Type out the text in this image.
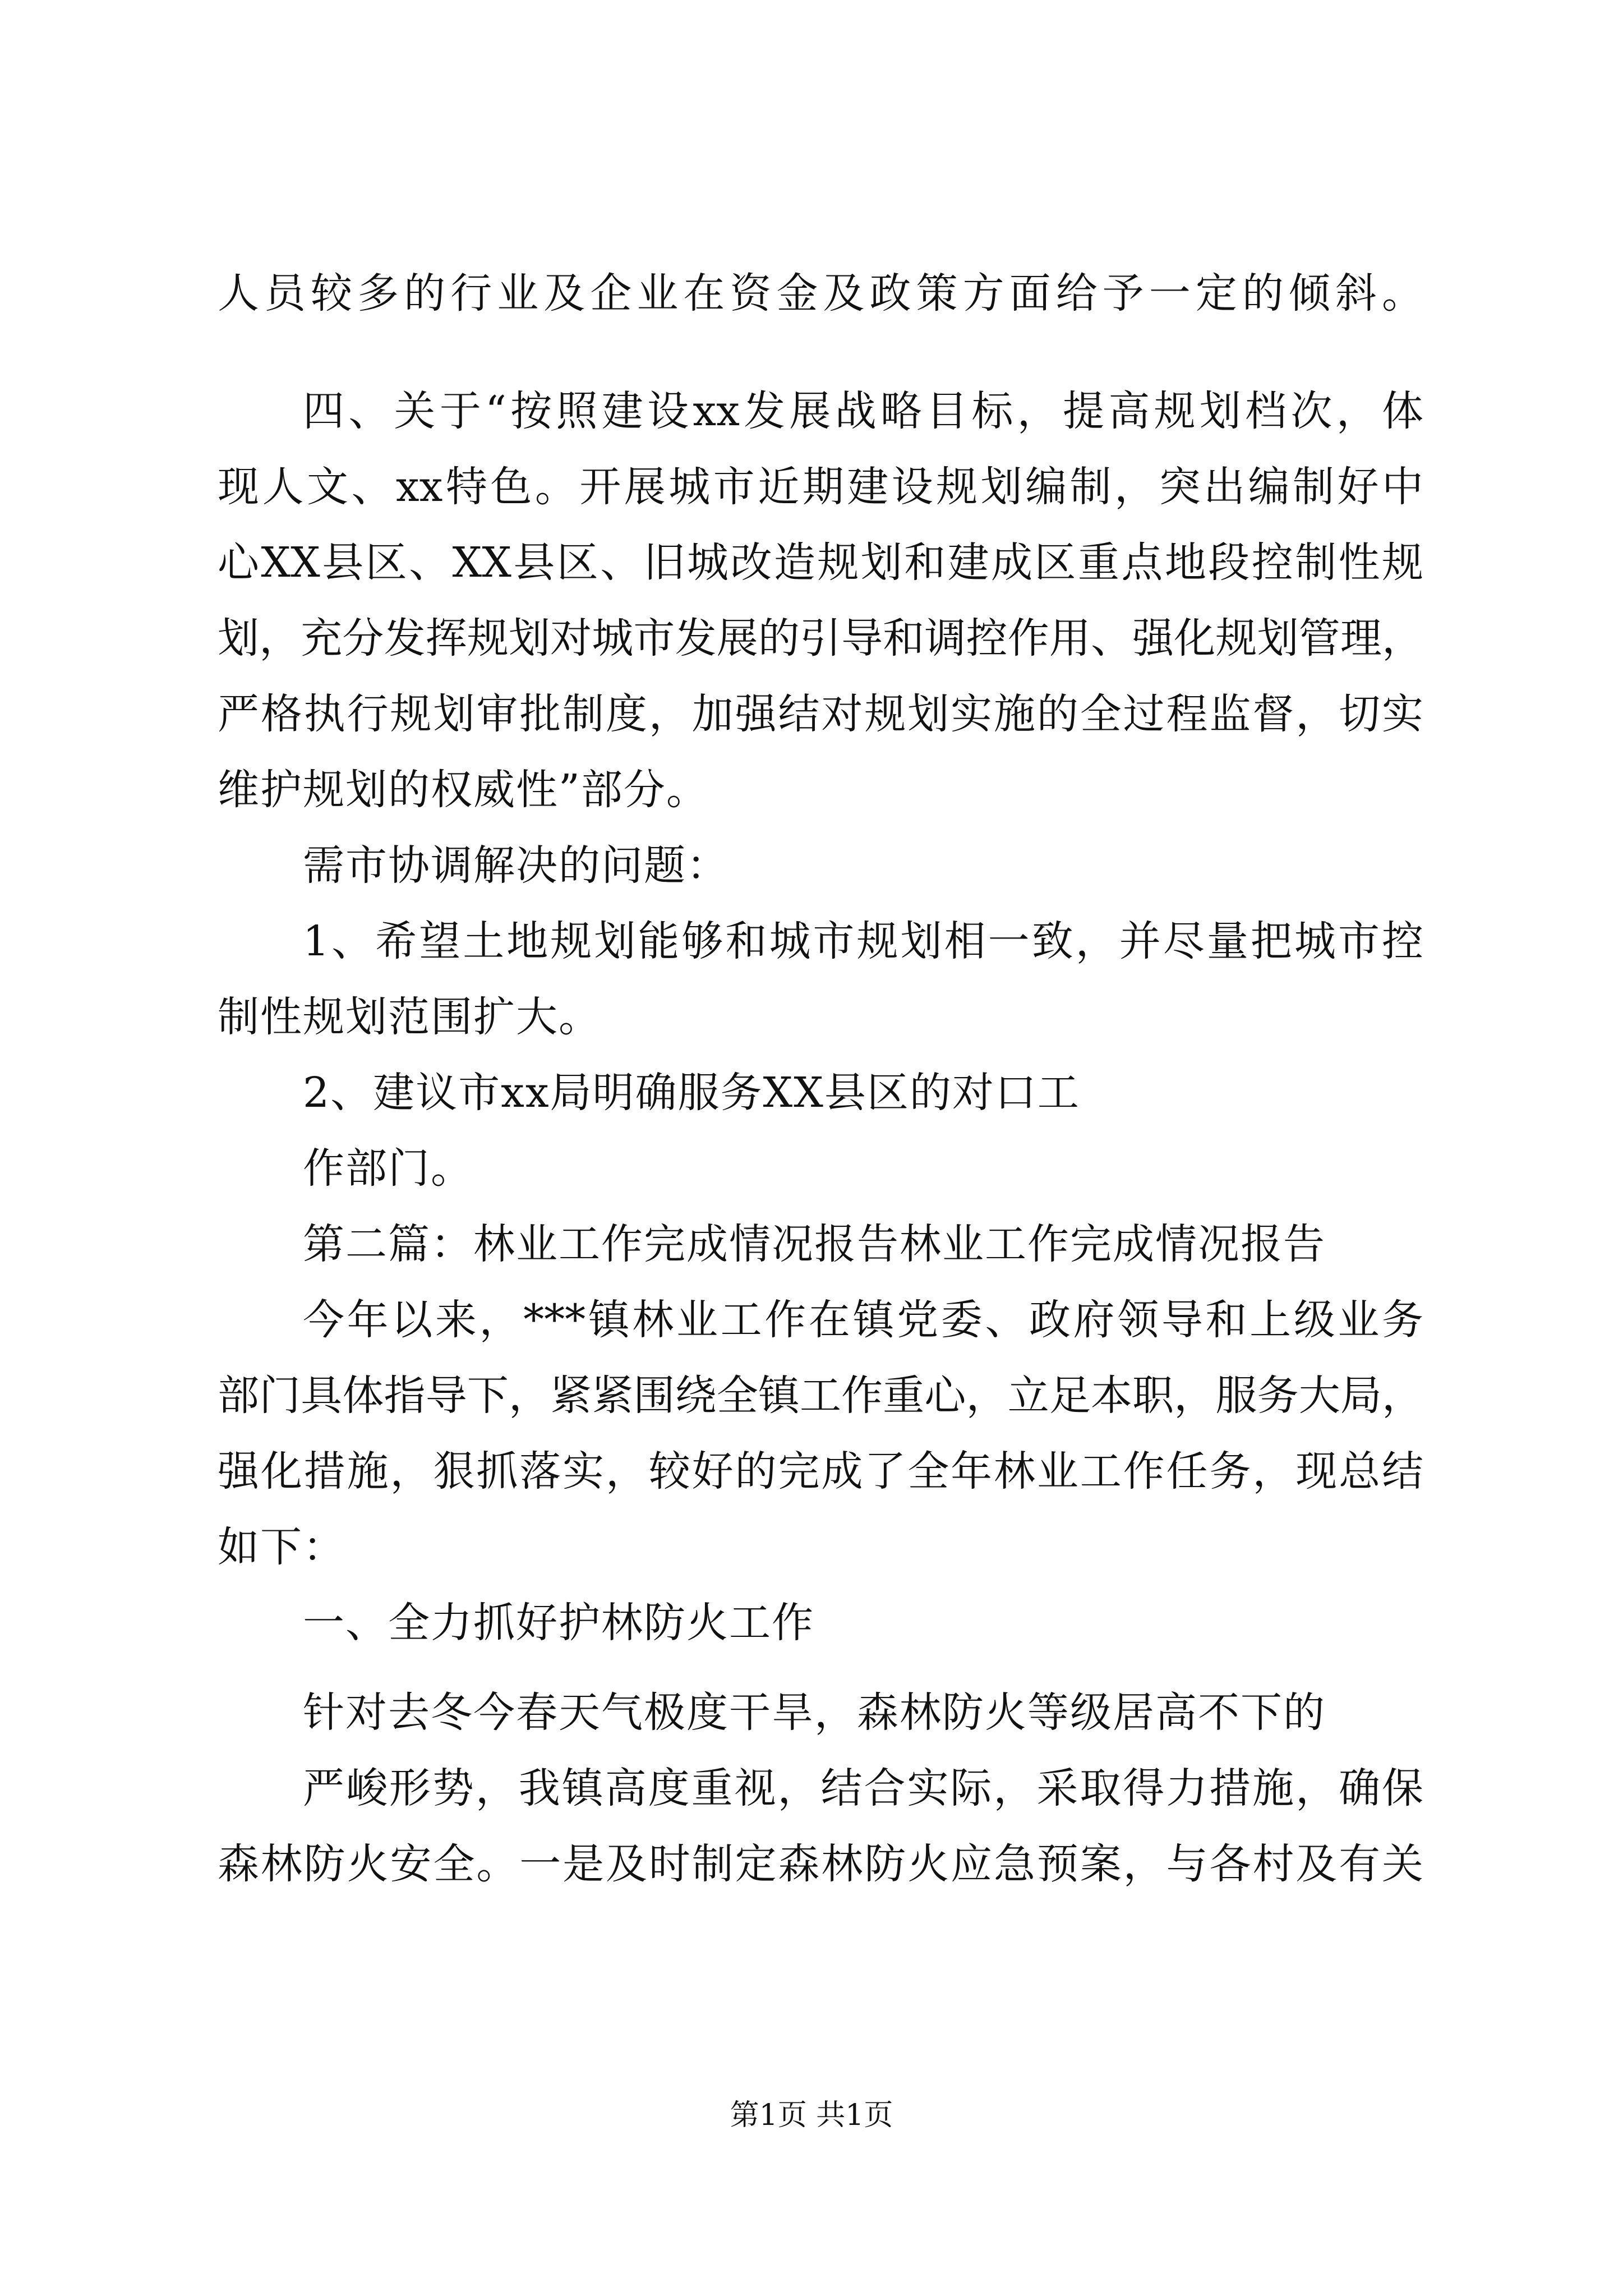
人员较多的行业及企业在资金及政策方面给予一定的倾斜。
四、关于“按照建设xx发展战略目标，提高规划档次，体
现人文、xx特色。开展城市近期建设规划编制，突出编制好中
心XX县区、XX县区、旧城改造规划和建成区重点地段控制性规
划，充分发挥规划对城市发展的引导和调控作用、强化规划管理，
严格执行规划审批制度，加强结对规划实施的全过程监督，切实
维护规划的权威性”部分。
需市协调解决的问题：
1、希望土地规划能够和城市规划相一致，并尽量把城市控
制性规划范围扩大。
2、建议市xx局明确服务XX县区的对口工
作部门。
第二篇：林业工作完成情况报告林业工作完成情况报告
今年以来，***镇林业工作在镇党委、政府领导和上级业务
部门具体指导下，紧紧围绕全镇工作重心，立足本职，服务大局，
强化措施，狠抓落实，较好的完成了全年林业工作任务，现总结
如下：
一、全力抓好护林防火工作
针对去冬今春天气极度干旱，森林防火等级居高不下的
严峻形势，我镇高度重视，结合实际，采取得力措施，确保
森林防火安全。一是及时制定森林防火应急预案，与各村及有关
第1页 共1页
